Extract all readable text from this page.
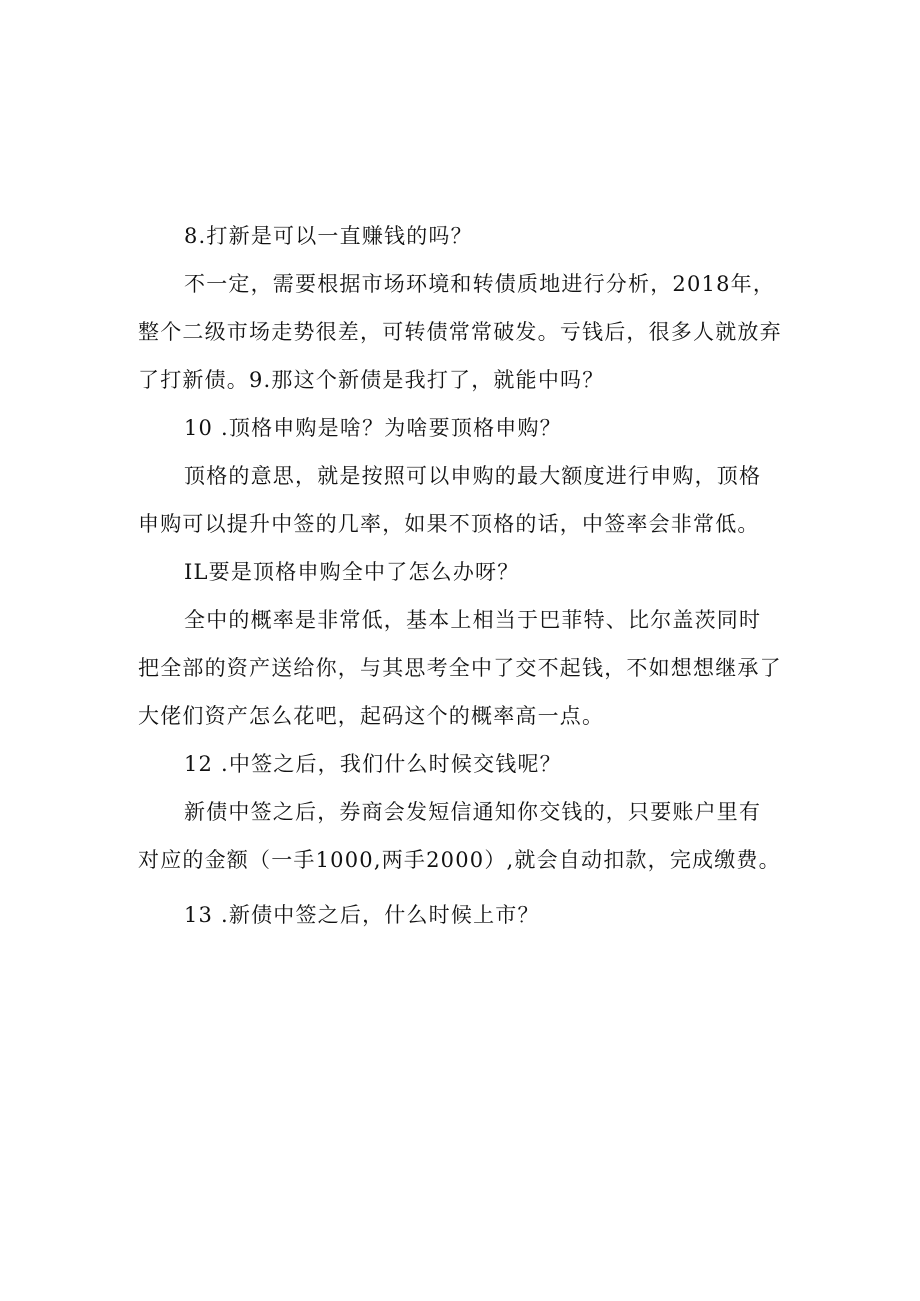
8.打新是可以一直赚钱的吗？
不一定，需要根据市场环境和转债质地进行分析，2018年，
整个二级市场走势很差，可转债常常破发。亏钱后，很多人就放弃
了打新债。9.那这个新债是我打了，就能中吗？
10 .顶格申购是啥？为啥要顶格申购？
顶格的意思，就是按照可以申购的最大额度进行申购，顶格
申购可以提升中签的几率，如果不顶格的话，中签率会非常低。
IL要是顶格申购全中了怎么办呀？
全中的概率是非常低，基本上相当于巴菲特、比尔盖茨同时
把全部的资产送给你，与其思考全中了交不起钱，不如想想继承了
大佬们资产怎么花吧，起码这个的概率高一点。
12 .中签之后，我们什么时候交钱呢？
新债中签之后，券商会发短信通知你交钱的，只要账户里有
对应的金额（一手1000,两手2000）,就会自动扣款，完成缴费。
13 .新债中签之后，什么时候上市？
